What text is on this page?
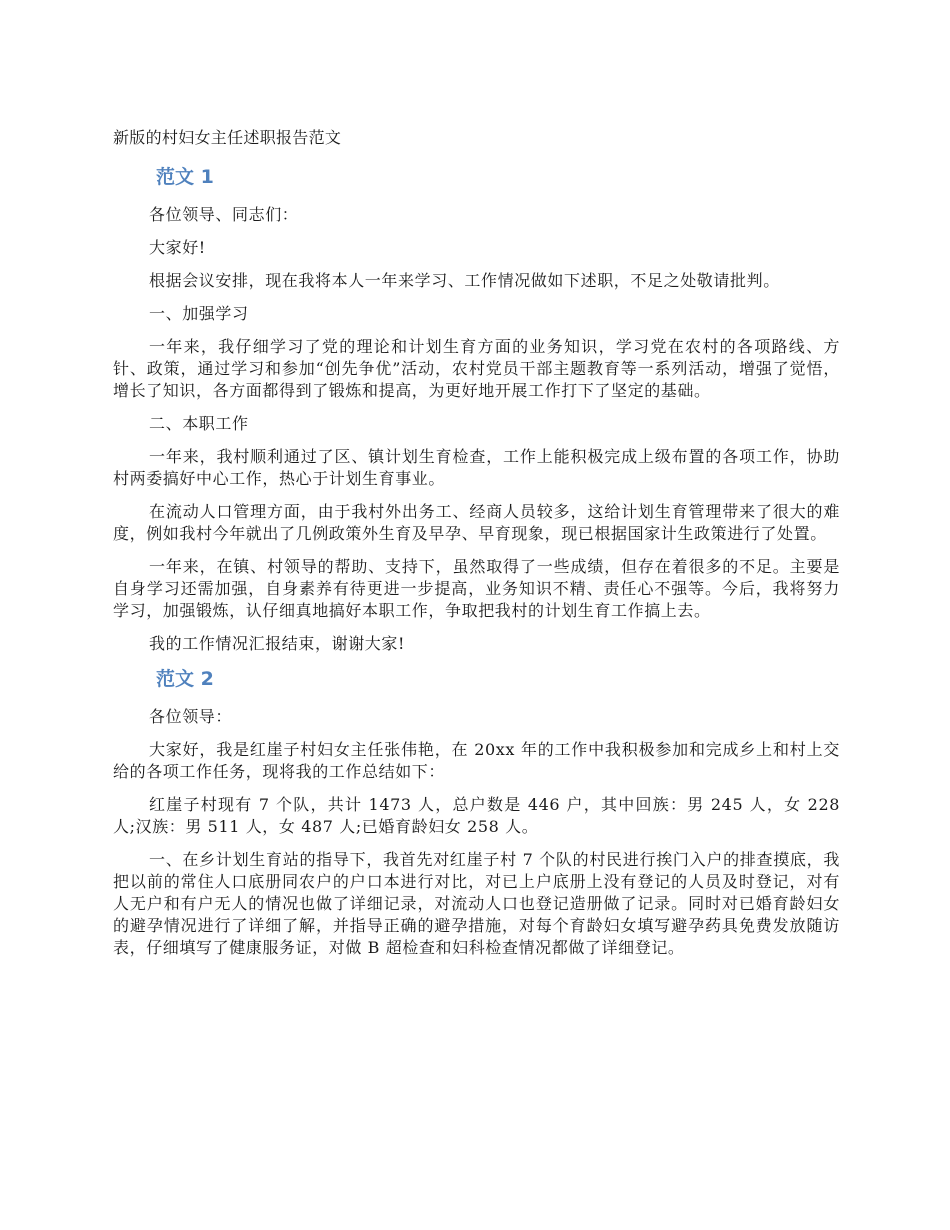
新版的村妇女主任述职报告范文
范文 1

各位领导、同志们：

大家好!

根据会议安排，现在我将本人一年来学习、工作情况做如下述职，不足之处敬请批判。

一、加强学习

一年来，我仔细学习了党的理论和计划生育方面的业务知识，学习党在农村的各项路线、方针、政策，通过学习和参加“创先争优”活动，农村党员干部主题教育等一系列活动，增强了觉悟，增长了知识，各方面都得到了锻炼和提高，为更好地开展工作打下了坚定的基础。

二、本职工作

一年来，我村顺利通过了区、镇计划生育检查，工作上能积极完成上级布置的各项工作，协助村两委搞好中心工作，热心于计划生育事业。

在流动人口管理方面，由于我村外出务工、经商人员较多，这给计划生育管理带来了很大的难度，例如我村今年就出了几例政策外生育及早孕、早育现象，现已根据国家计生政策进行了处置。

一年来，在镇、村领导的帮助、支持下，虽然取得了一些成绩，但存在着很多的不足。主要是自身学习还需加强，自身素养有待更进一步提高，业务知识不精、责任心不强等。今后，我将努力学习，加强锻炼，认仔细真地搞好本职工作，争取把我村的计划生育工作搞上去。

我的工作情况汇报结束，谢谢大家!

范文 2

各位领导：

大家好，我是红崖子村妇女主任张伟艳，在 20xx 年的工作中我积极参加和完成乡上和村上交给的各项工作任务，现将我的工作总结如下：

红崖子村现有 7 个队，共计 1473 人，总户数是 446 户，其中回族：男 245 人，女 228 人;汉族：男 511 人，女 487 人;已婚育龄妇女 258 人。

一、在乡计划生育站的指导下，我首先对红崖子村 7 个队的村民进行挨门入户的排查摸底，我把以前的常住人口底册同农户的户口本进行对比，对已上户底册上没有登记的人员及时登记，对有人无户和有户无人的情况也做了详细记录，对流动人口也登记造册做了记录。同时对已婚育龄妇女的避孕情况进行了详细了解，并指导正确的避孕措施，对每个育龄妇女填写避孕药具免费发放随访表，仔细填写了健康服务证，对做 B 超检查和妇科检查情况都做了详细登记。
